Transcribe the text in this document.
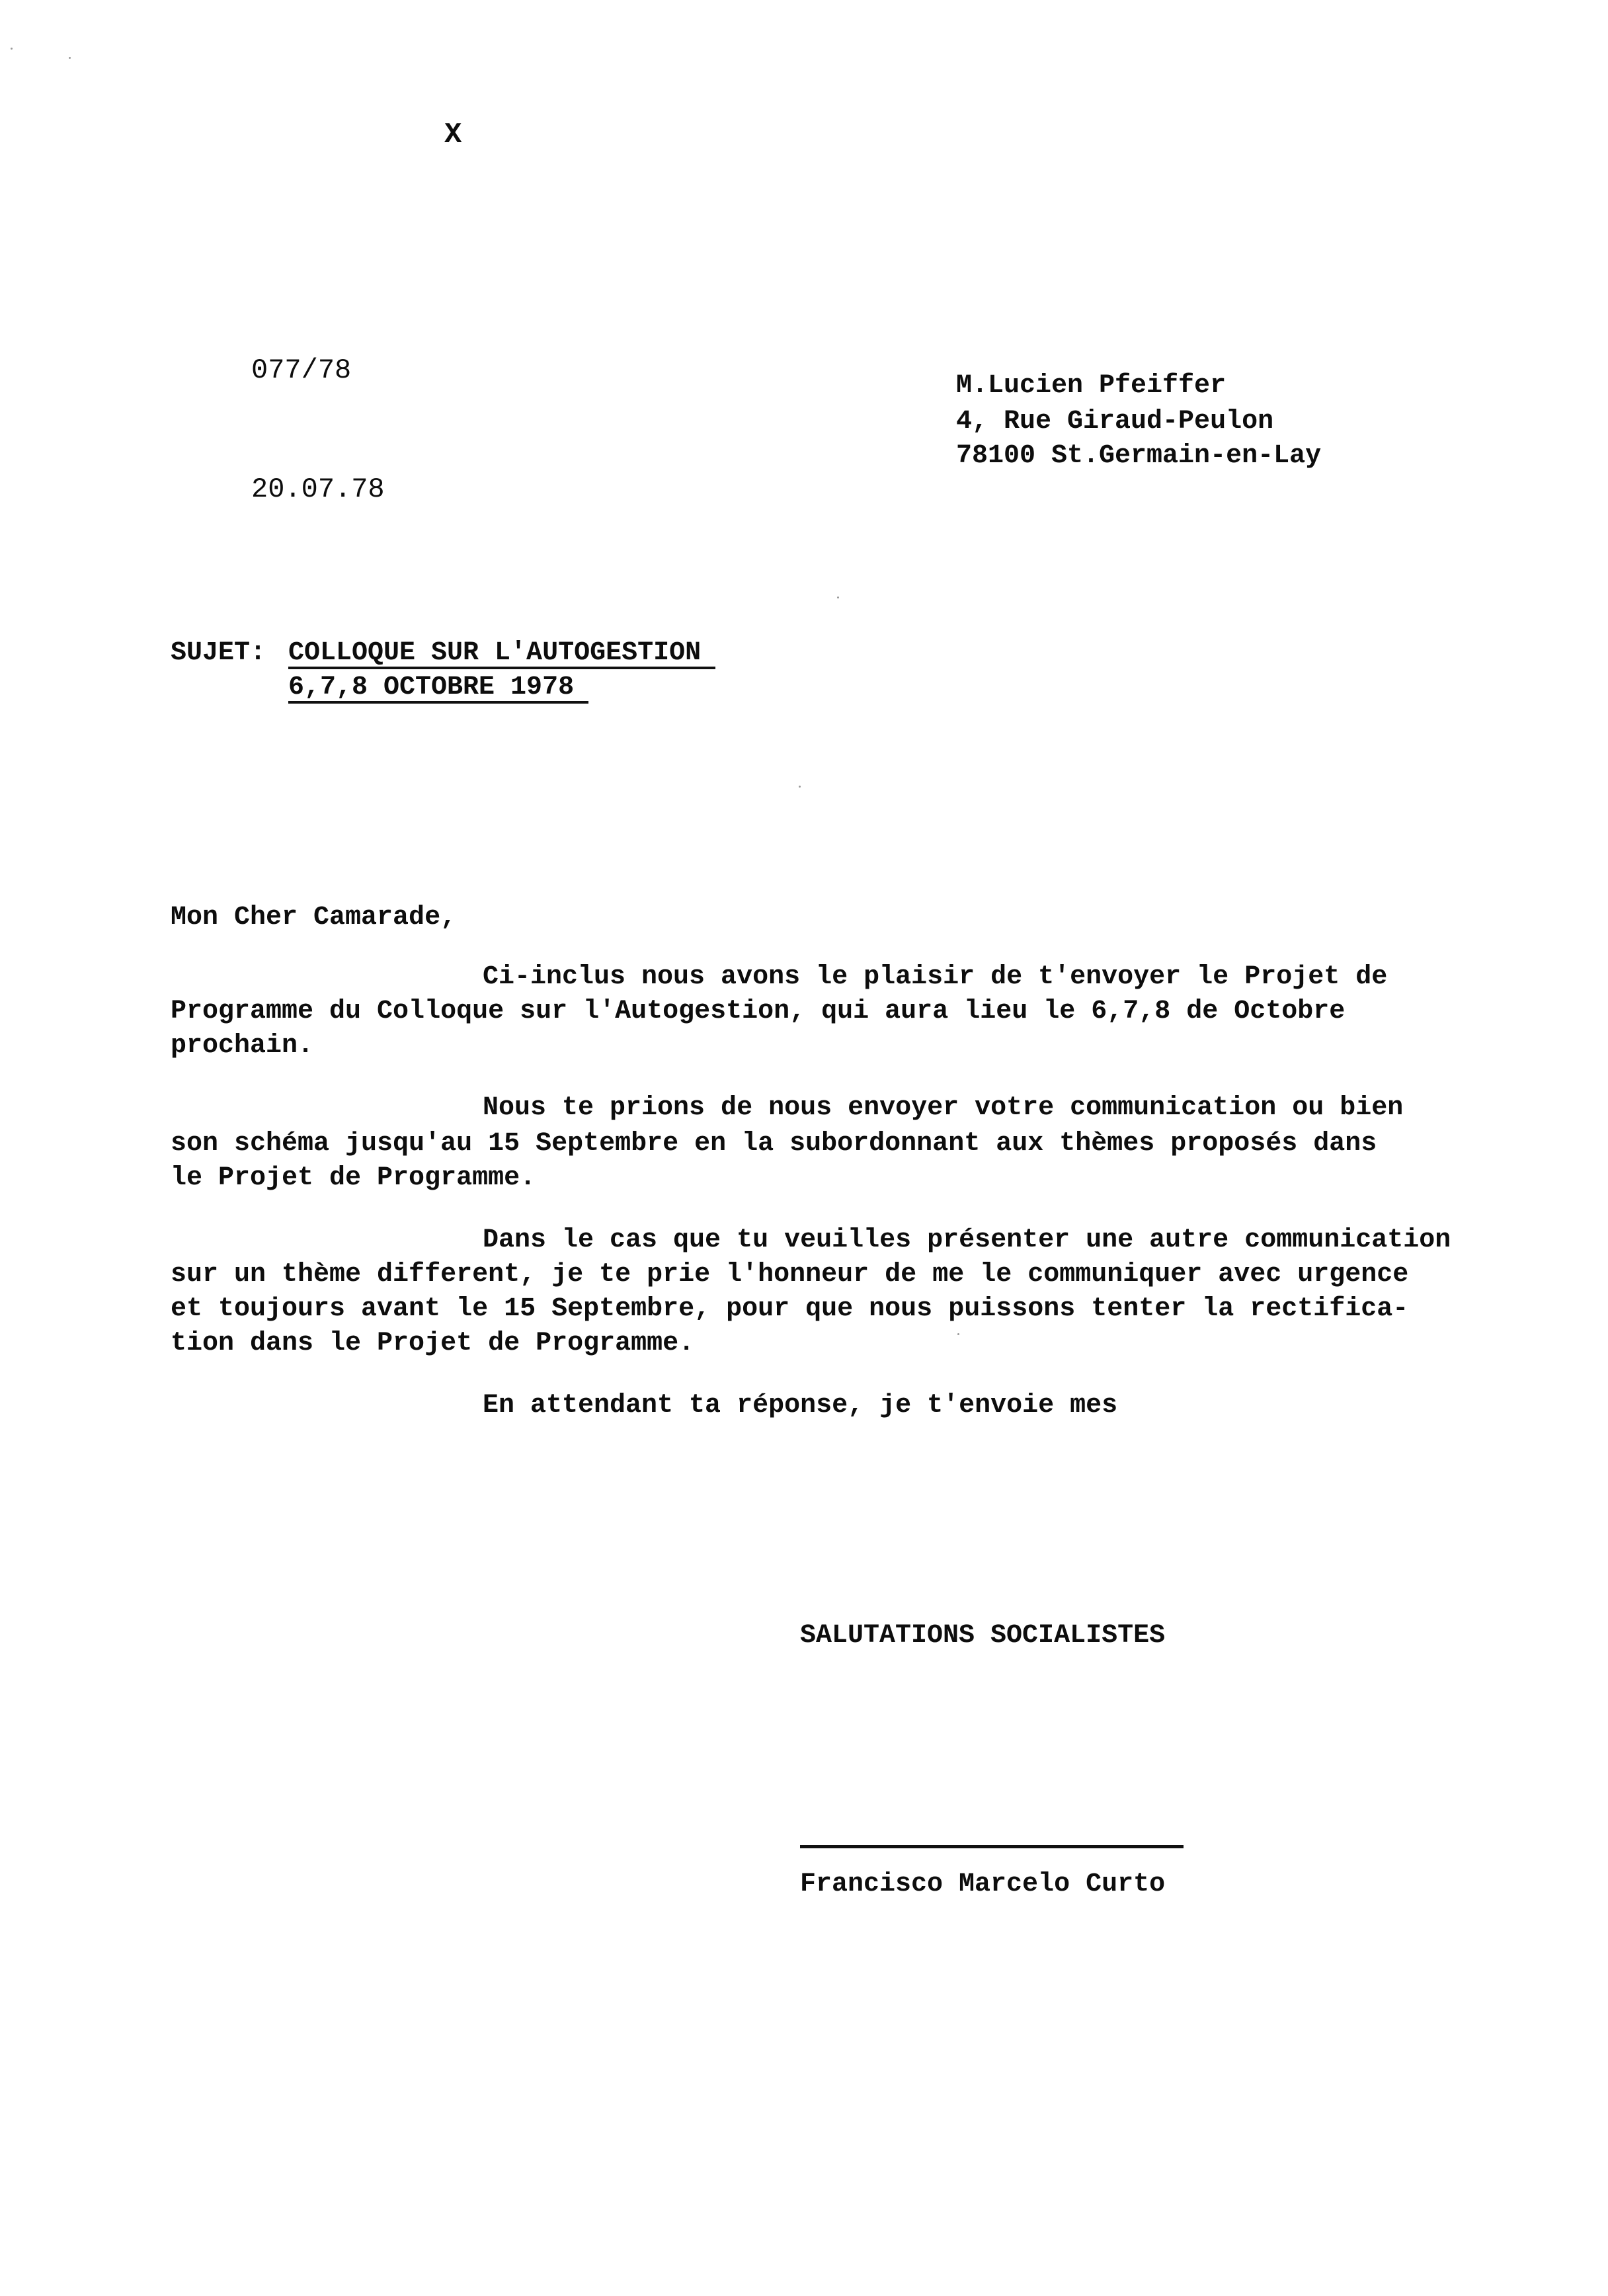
X
077/78
20.07.78
M.Lucien Pfeiffer
4, Rue Giraud-Peulon
78100 St.Germain-en-Lay
SUJET: COLLOQUE SUR L'AUTOGESTION
6,7,8 OCTOBRE 1978
Mon Cher Camarade,
Ci-inclus nous avons le plaisir de t'envoyer le Projet de
Programme du Colloque sur l'Autogestion, qui aura lieu le 6,7,8 de Octobre
prochain.
Nous te prions de nous envoyer votre communication ou bien
son schéma jusqu'au 15 Septembre en la subordonnant aux thèmes proposés dans
le Projet de Programme.
Dans le cas que tu veuilles présenter une autre communication
sur un thème different, je te prie l'honneur de me le communiquer avec urgence
et toujours avant le 15 Septembre, pour que nous puissons tenter la rectifica-
tion dans le Projet de Programme.
En attendant ta réponse, je t'envoie mes
SALUTATIONS SOCIALISTES
Francisco Marcelo Curto
